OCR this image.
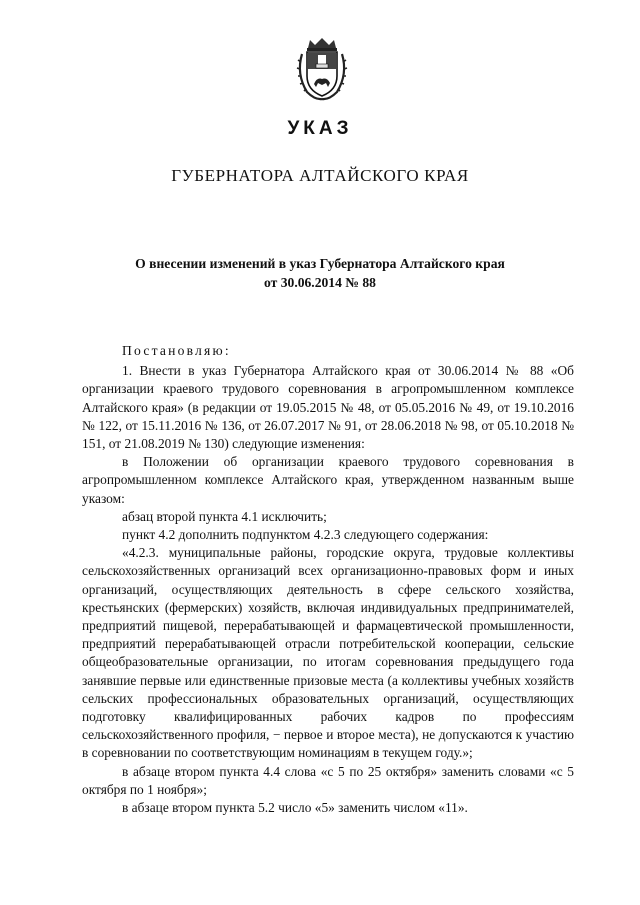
УКАЗ
ГУБЕРНАТОРА АЛТАЙСКОГО КРАЯ
О внесении изменений в указ Губернатора Алтайского края
от 30.06.2014 № 88

Постановляю:

1. Внести в указ Губернатора Алтайского края от 30.06.2014 № 88 «Об организации краевого трудового соревнования в агропромышленном комплексе Алтайского края» (в редакции от 19.05.2015 № 48, от 05.05.2016 № 49, от 19.10.2016 № 122, от 15.11.2016 № 136, от 26.07.2017 № 91, от 28.06.2018 № 98, от 05.10.2018 № 151, от 21.08.2019 № 130) следующие изменения:

в Положении об организации краевого трудового соревнования в агропромышленном комплексе Алтайского края, утвержденном названным выше указом:

абзац второй пункта 4.1 исключить;

пункт 4.2 дополнить подпунктом 4.2.3 следующего содержания:

«4.2.3. муниципальные районы, городские округа, трудовые коллективы сельскохозяйственных организаций всех организационно-правовых форм и иных организаций, осуществляющих деятельность в сфере сельского хозяйства, крестьянских (фермерских) хозяйств, включая индивидуальных предпринимателей, предприятий пищевой, перерабатывающей и фармацевтической промышленности, предприятий перерабатывающей отрасли потребительской кооперации, сельские общеобразовательные организации, по итогам соревнования предыдущего года занявшие первые или единственные призовые места (а коллективы учебных хозяйств сельских профессиональных образовательных организаций, осуществляющих подготовку квалифицированных рабочих кадров по профессиям сельскохозяйственного профиля, − первое и второе места), не допускаются к участию в соревновании по соответствующим номинациям в текущем году.»;

в абзаце втором пункта 4.4 слова «с 5 по 25 октября» заменить словами «с 5 октября по 1 ноября»;

в абзаце втором пункта 5.2 число «5» заменить числом «11».
